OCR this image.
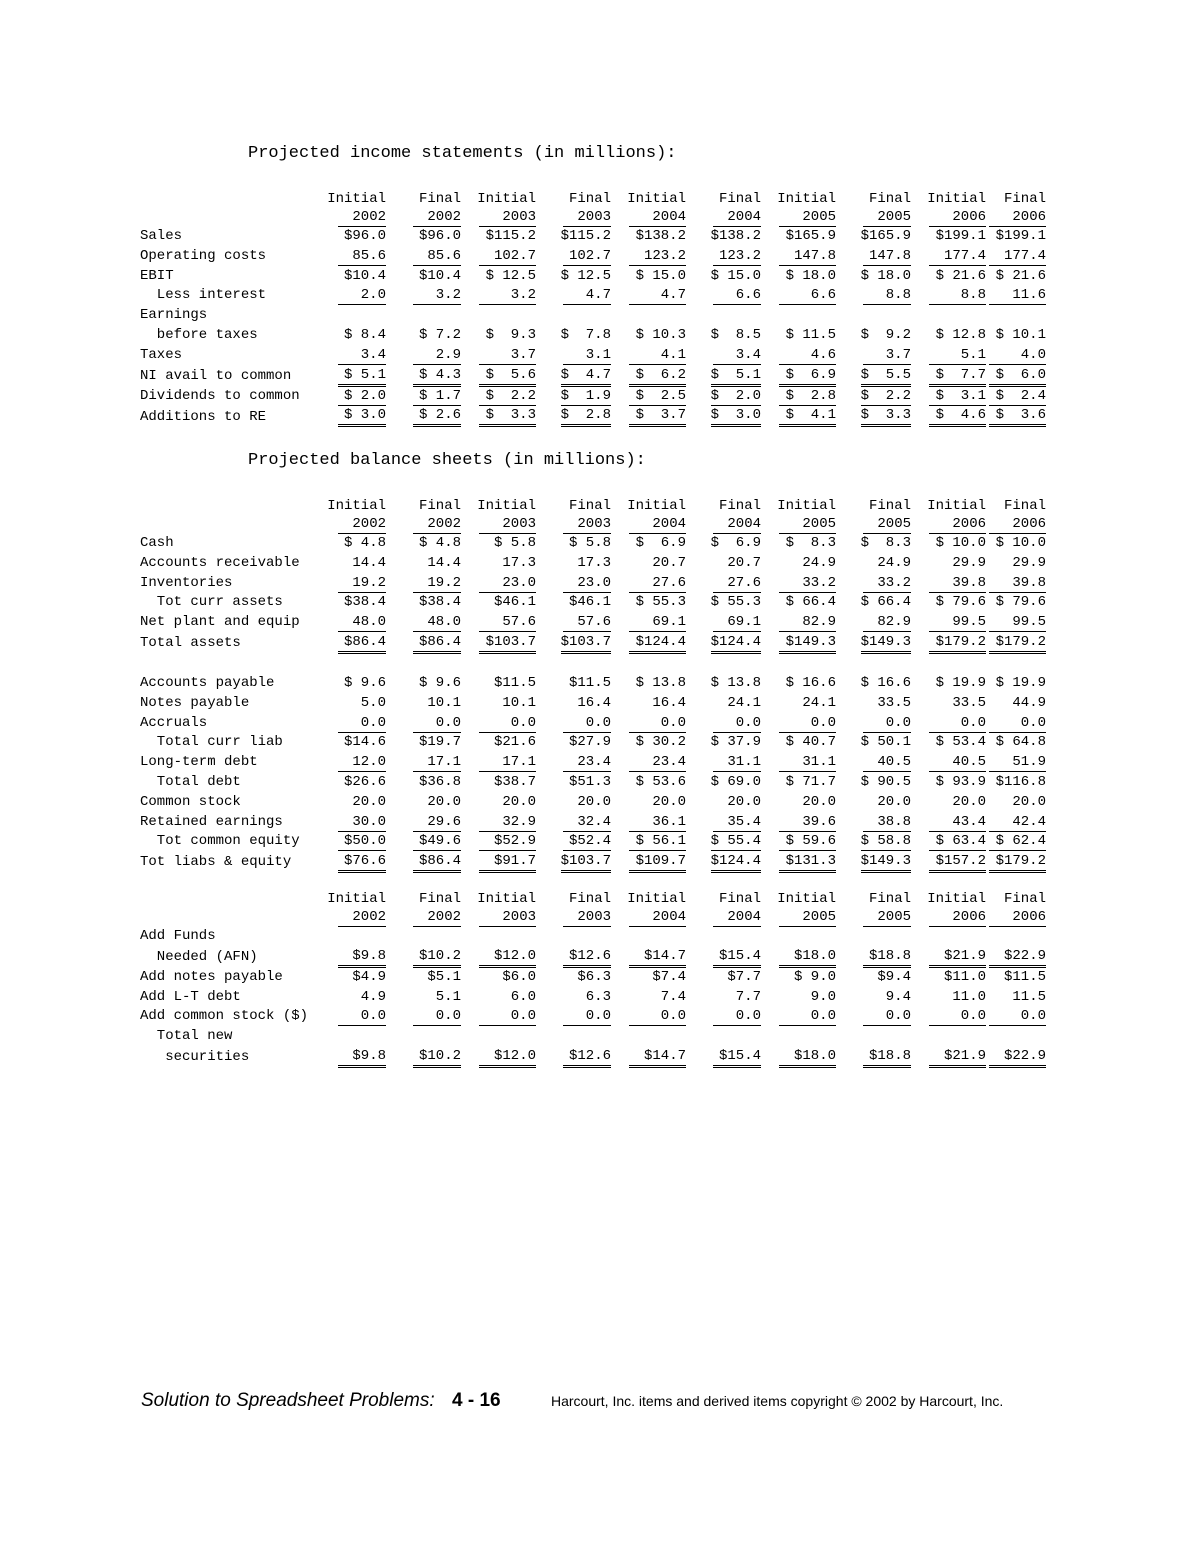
Projected income statements (in millions):
	Initial	Final	Initial	Final	Initial	Final	Initial	Final	Initial	Final
	2002	2002	2003	2003	2004	2004	2005	2005	2006	2006
Sales	$96.0	$96.0	$115.2	$115.2	$138.2	$138.2	$165.9	$165.9	$199.1	$199.1
Operating costs	85.6	85.6	102.7	102.7	123.2	123.2	147.8	147.8	177.4	177.4
EBIT	$10.4	$10.4	$ 12.5	$ 12.5	$ 15.0	$ 15.0	$ 18.0	$ 18.0	$ 21.6	$ 21.6
Less interest	2.0	3.2	3.2	4.7	4.7	6.6	6.6	8.8	8.8	11.6
Earnings										
before taxes	$ 8.4	$ 7.2	$  9.3	$  7.8	$ 10.3	$  8.5	$ 11.5	$  9.2	$ 12.8	$ 10.1
Taxes	3.4	2.9	3.7	3.1	4.1	3.4	4.6	3.7	5.1	4.0
NI avail to common	$ 5.1	$ 4.3	$  5.6	$  4.7	$  6.2	$  5.1	$  6.9	$  5.5	$  7.7	$  6.0
Dividends to common	$ 2.0	$ 1.7	$  2.2	$  1.9	$  2.5	$  2.0	$  2.8	$  2.2	$  3.1	$  2.4
Additions to RE	$ 3.0	$ 2.6	$  3.3	$  2.8	$  3.7	$  3.0	$  4.1	$  3.3	$  4.6	$  3.6
Projected balance sheets (in millions):
	Initial	Final	Initial	Final	Initial	Final	Initial	Final	Initial	Final
	2002	2002	2003	2003	2004	2004	2005	2005	2006	2006
Cash	$ 4.8	$ 4.8	$ 5.8	$ 5.8	$  6.9	$  6.9	$  8.3	$  8.3	$ 10.0	$ 10.0
Accounts receivable	14.4	14.4	17.3	17.3	20.7	20.7	24.9	24.9	29.9	29.9
Inventories	19.2	19.2	23.0	23.0	27.6	27.6	33.2	33.2	39.8	39.8
Tot curr assets	$38.4	$38.4	$46.1	$46.1	$ 55.3	$ 55.3	$ 66.4	$ 66.4	$ 79.6	$ 79.6
Net plant and equip	48.0	48.0	57.6	57.6	69.1	69.1	82.9	82.9	99.5	99.5
Total assets	$86.4	$86.4	$103.7	$103.7	$124.4	$124.4	$149.3	$149.3	$179.2	$179.2

Accounts payable	$ 9.6	$ 9.6	$11.5	$11.5	$ 13.8	$ 13.8	$ 16.6	$ 16.6	$ 19.9	$ 19.9
Notes payable	5.0	10.1	10.1	16.4	16.4	24.1	24.1	33.5	33.5	44.9
Accruals	0.0	0.0	0.0	0.0	0.0	0.0	0.0	0.0	0.0	0.0
Total curr liab	$14.6	$19.7	$21.6	$27.9	$ 30.2	$ 37.9	$ 40.7	$ 50.1	$ 53.4	$ 64.8
Long-term debt	12.0	17.1	17.1	23.4	23.4	31.1	31.1	40.5	40.5	51.9
Total debt	$26.6	$36.8	$38.7	$51.3	$ 53.6	$ 69.0	$ 71.7	$ 90.5	$ 93.9	$116.8
Common stock	20.0	20.0	20.0	20.0	20.0	20.0	20.0	20.0	20.0	20.0
Retained earnings	30.0	29.6	32.9	32.4	36.1	35.4	39.6	38.8	43.4	42.4
Tot common equity	$50.0	$49.6	$52.9	$52.4	$ 56.1	$ 55.4	$ 59.6	$ 58.8	$ 63.4	$ 62.4
Tot liabs & equity	$76.6	$86.4	$91.7	$103.7	$109.7	$124.4	$131.3	$149.3	$157.2	$179.2
	Initial	Final	Initial	Final	Initial	Final	Initial	Final	Initial	Final
	2002	2002	2003	2003	2004	2004	2005	2005	2006	2006
Add Funds										
Needed (AFN)	$9.8	$10.2	$12.0	$12.6	$14.7	$15.4	$18.0	$18.8	$21.9	$22.9
Add notes payable	$4.9	$5.1	$6.0	$6.3	$7.4	$7.7	$ 9.0	$9.4	$11.0	$11.5
Add L-T debt	4.9	5.1	6.0	6.3	7.4	7.7	9.0	9.4	11.0	11.5
Add common stock ($)	0.0	0.0	0.0	0.0	0.0	0.0	0.0	0.0	0.0	0.0
Total new										
securities	$9.8	$10.2	$12.0	$12.6	$14.7	$15.4	$18.0	$18.8	$21.9	$22.9
Solution to Spreadsheet Problems: 4 - 16	Harcourt, Inc. items and derived items copyright © 2002 by Harcourt, Inc.
